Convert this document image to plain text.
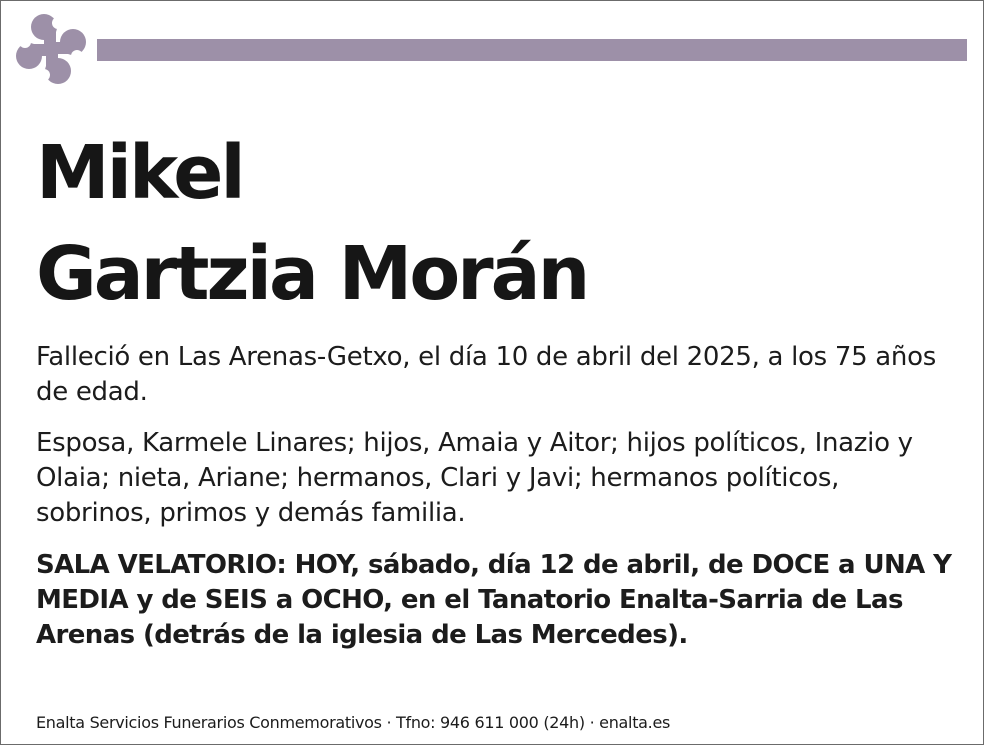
Mikel
Gartzia Morán
Falleció en Las Arenas-Getxo, el día 10 de abril del 2025, a los 75 años de edad.
Esposa, Karmele Linares; hijos, Amaia y Aitor; hijos políticos, Inazio y Olaia; nieta, Ariane; hermanos, Clari y Javi; hermanos políticos, sobrinos, primos y demás familia.
SALA VELATORIO: HOY, sábado, día 12 de abril, de DOCE a UNA Y MEDIA y de SEIS a OCHO, en el Tanatorio Enalta-Sarria de Las Arenas (detrás de la iglesia de Las Mercedes).
Enalta Servicios Funerarios Conmemorativos · Tfno: 946 611 000 (24h) · enalta.es
